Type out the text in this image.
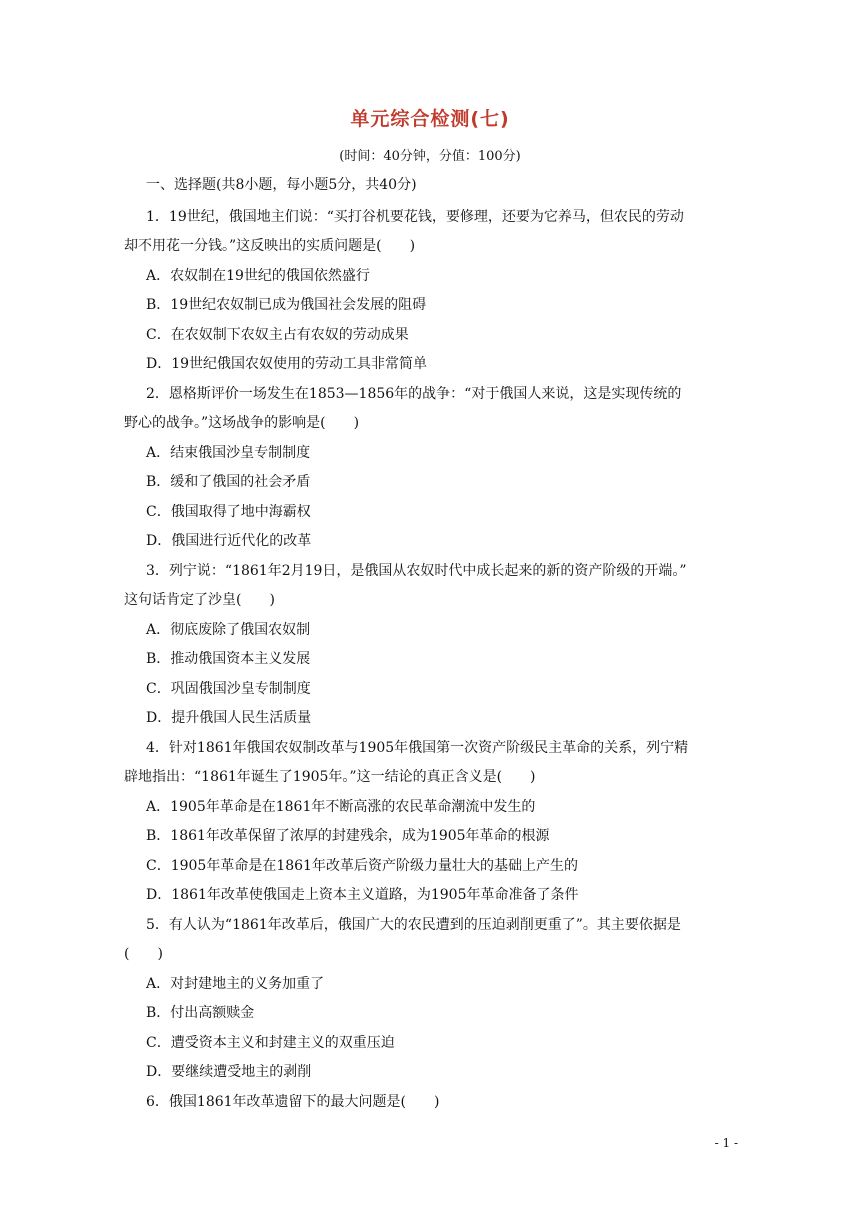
单元综合检测(七)
(时间：40分钟，分值：100分)
一、选择题(共8小题，每小题5分，共40分)
1．19世纪，俄国地主们说：“买打谷机要花钱，要修理，还要为它养马，但农民的劳动
却不用花一分钱。”这反映出的实质问题是(　　)
A．农奴制在19世纪的俄国依然盛行
B．19世纪农奴制已成为俄国社会发展的阻碍
C．在农奴制下农奴主占有农奴的劳动成果
D．19世纪俄国农奴使用的劳动工具非常简单
2．恩格斯评价一场发生在1853—1856年的战争：“对于俄国人来说，这是实现传统的
野心的战争。”这场战争的影响是(　　)
A．结束俄国沙皇专制制度
B．缓和了俄国的社会矛盾
C．俄国取得了地中海霸权
D．俄国进行近代化的改革
3．列宁说：“1861年2月19日，是俄国从农奴时代中成长起来的新的资产阶级的开端。”
这句话肯定了沙皇(　　)
A．彻底废除了俄国农奴制
B．推动俄国资本主义发展
C．巩固俄国沙皇专制制度
D．提升俄国人民生活质量
4．针对1861年俄国农奴制改革与1905年俄国第一次资产阶级民主革命的关系，列宁精
辟地指出：“1861年诞生了1905年。”这一结论的真正含义是(　　)
A．1905年革命是在1861年不断高涨的农民革命潮流中发生的
B．1861年改革保留了浓厚的封建残余，成为1905年革命的根源
C．1905年革命是在1861年改革后资产阶级力量壮大的基础上产生的
D．1861年改革使俄国走上资本主义道路，为1905年革命准备了条件
5．有人认为“1861年改革后，俄国广大的农民遭到的压迫剥削更重了”。其主要依据是
(　　)
A．对封建地主的义务加重了
B．付出高额赎金
C．遭受资本主义和封建主义的双重压迫
D．要继续遭受地主的剥削
6．俄国1861年改革遗留下的最大问题是(　　)
- 1 -
